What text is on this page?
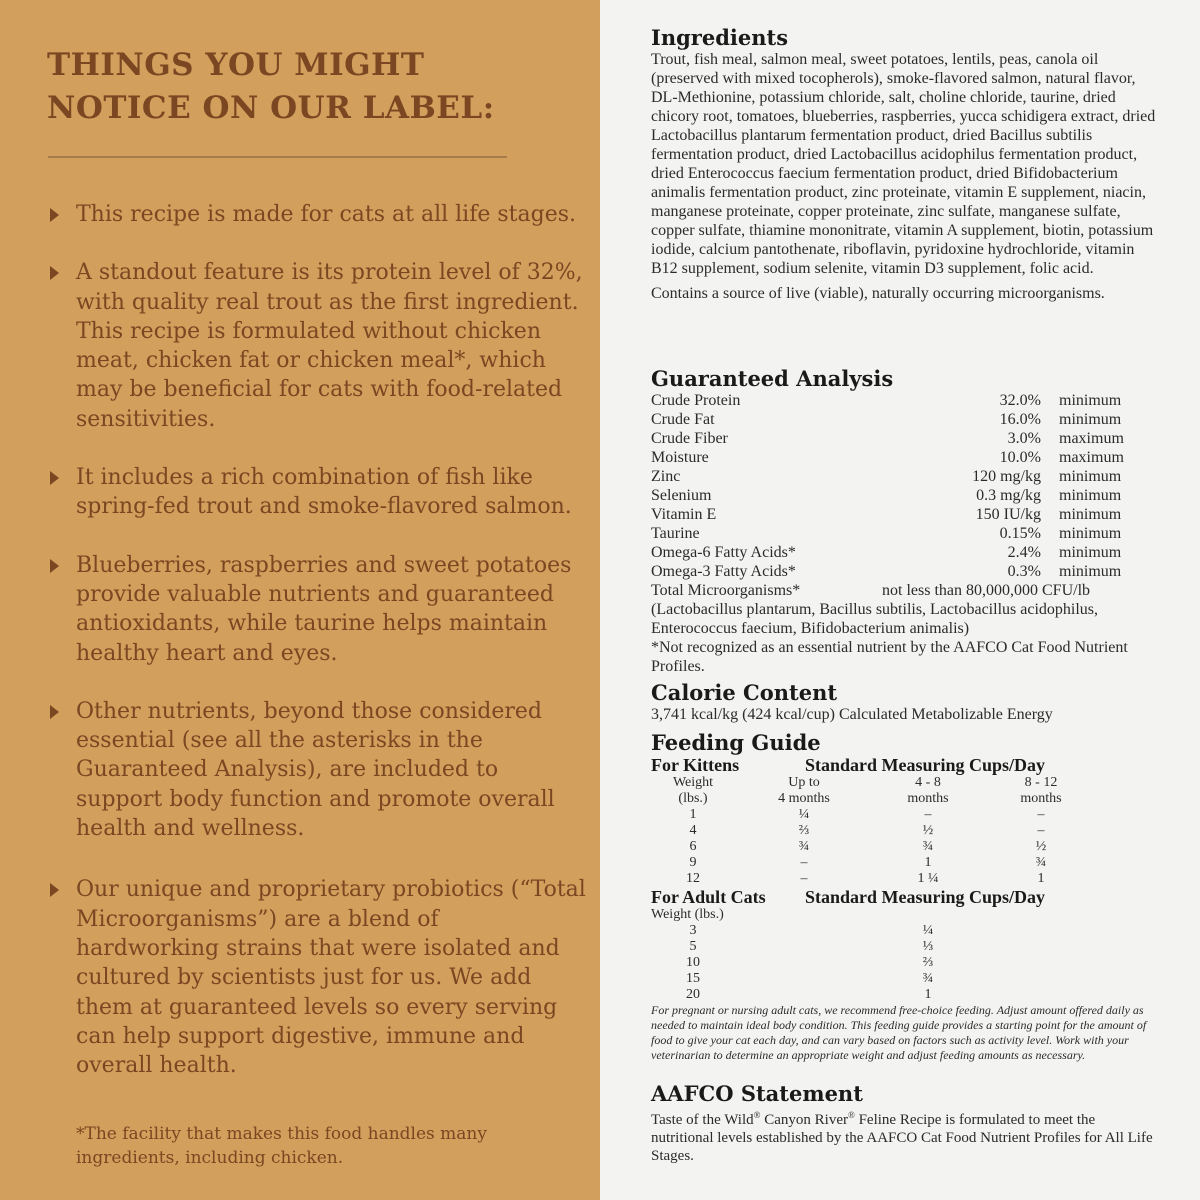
THINGS YOU MIGHT
NOTICE ON OUR LABEL:
This recipe is made for cats at all life stages.
A standout feature is its protein level of 32%, with quality real trout as the first ingredient. This recipe is formulated without chicken meat, chicken fat or chicken meal*, which may be beneficial for cats with food-related sensitivities.
It includes a rich combination of fish like spring-fed trout and smoke-flavored salmon.
Blueberries, raspberries and sweet potatoes provide valuable nutrients and guaranteed antioxidants, while taurine helps maintain healthy heart and eyes.
Other nutrients, beyond those considered essential (see all the asterisks in the Guaranteed Analysis), are included to support body function and promote overall health and wellness.
Our unique and proprietary probiotics (“Total Microorganisms”) are a blend of hardworking strains that were isolated and cultured by scientists just for us. We add them at guaranteed levels so every serving can help support digestive, immune and overall health.

*The facility that makes this food handles many ingredients, including chicken.

Ingredients

Trout, fish meal, salmon meal, sweet potatoes, lentils, peas, canola oil (preserved with mixed tocopherols), smoke-flavored salmon, natural flavor, DL-Methionine, potassium chloride, salt, choline chloride, taurine, dried chicory root, tomatoes, blueberries, raspberries, yucca schidigera extract, dried Lactobacillus plantarum fermentation product, dried Bacillus subtilis fermentation product, dried Lactobacillus acidophilus fermentation product, dried Enterococcus faecium fermentation product, dried Bifidobacterium animalis fermentation product, zinc proteinate, vitamin E supplement, niacin, manganese proteinate, copper proteinate, zinc sulfate, manganese sulfate, copper sulfate, thiamine mononitrate, vitamin A supplement, biotin, potassium iodide, calcium pantothenate, riboflavin, pyridoxine hydrochloride, vitamin B12 supplement, sodium selenite, vitamin D3 supplement, folic acid.

Contains a source of live (viable), naturally occurring microorganisms.

Guaranteed Analysis
Crude Protein	32.0% minimum
Crude Fat	16.0% minimum
Crude Fiber	3.0% maximum
Moisture	10.0% maximum
Zinc	120 mg/kg minimum
Selenium	0.3 mg/kg minimum
Vitamin E	150 IU/kg minimum
Taurine	0.15% minimum
Omega-6 Fatty Acids*	2.4% minimum
Omega-3 Fatty Acids*	0.3% minimum
Total Microorganisms*	not less than 80,000,000 CFU/lb

(Lactobacillus plantarum, Bacillus subtilis, Lactobacillus acidophilus, Enterococcus faecium, Bifidobacterium animalis)

*Not recognized as an essential nutrient by the AAFCO Cat Food Nutrient Profiles.

Calorie Content

3,741 kcal/kg (424 kcal/cup) Calculated Metabolizable Energy

Feeding Guide
For Kittens	Standard Measuring Cups/Day
Weight	Up to	4 - 8	8 - 12
(lbs.)	4 months	months	months
1	¼	–	–
4	⅔	½	–
6	¾	¾	½
9	–	1	¾
12	–	1 ¼	1
For Adult Cats Standard Measuring Cups/Day
Weight (lbs.)
3	¼
5	⅓
10	⅔
15	¾
20	1

For pregnant or nursing adult cats, we recommend free-choice feeding. Adjust amount offered daily as needed to maintain ideal body condition. This feeding guide provides a starting point for the amount of food to give your cat each day, and can vary based on factors such as activity level. Work with your veterinarian to determine an appropriate weight and adjust feeding amounts as necessary.

AAFCO Statement

Taste of the Wild® Canyon River® Feline Recipe is formulated to meet the nutritional levels established by the AAFCO Cat Food Nutrient Profiles for All Life Stages.
